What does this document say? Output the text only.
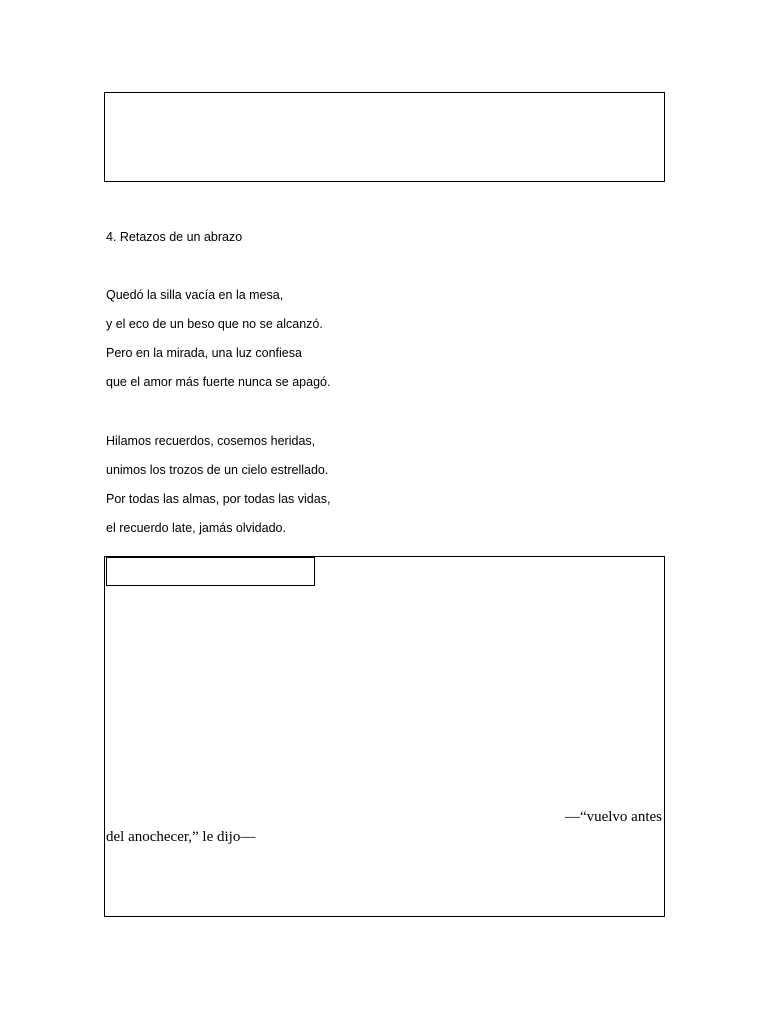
4. Retazos de un abrazo
Quedó la silla vacía en la mesa,
y el eco de un beso que no se alcanzó.
Pero en la mirada, una luz confiesa
que el amor más fuerte nunca se apagó.
Hilamos recuerdos, cosemos heridas,
unimos los trozos de un cielo estrellado.
Por todas las almas, por todas las vidas,
el recuerdo late, jamás olvidado.
—“vuelvo antes
del anochecer,” le dijo—
